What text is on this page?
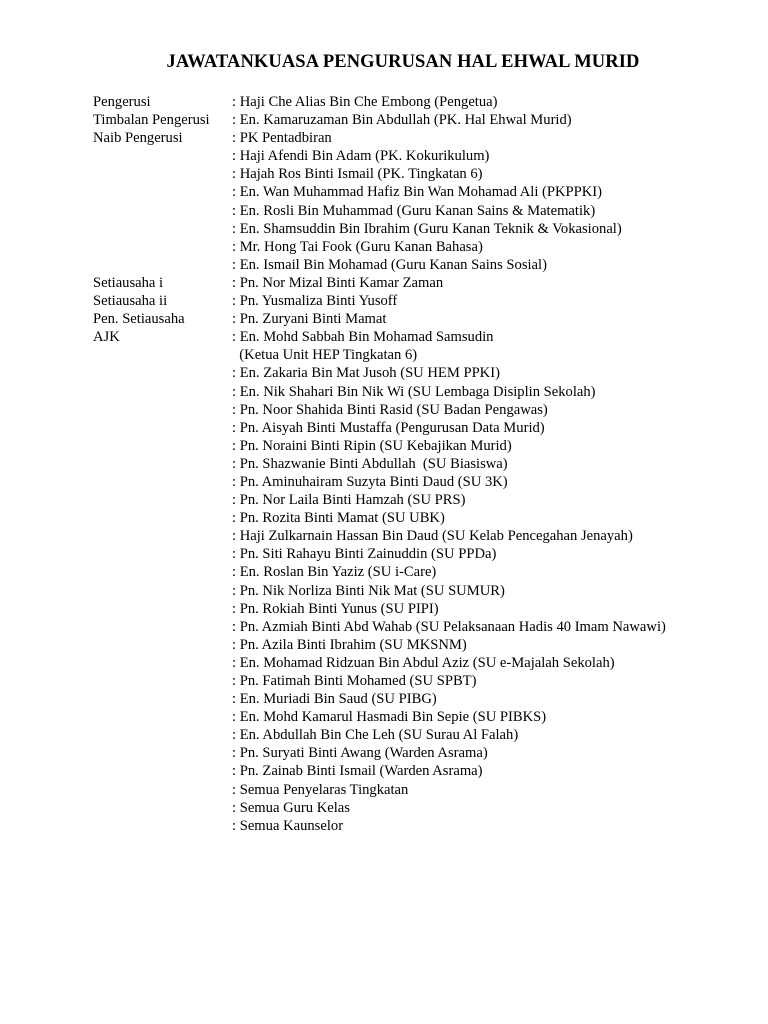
JAWATANKUASA PENGURUSAN HAL EHWAL MURID
Pengerusi	: Haji Che Alias Bin Che Embong (Pengetua)
Timbalan Pengerusi : En. Kamaruzaman Bin Abdullah (PK. Hal Ehwal Murid)
Naib Pengerusi	: PK Pentadbiran
: Haji Afendi Bin Adam (PK. Kokurikulum)
: Hajah Ros Binti Ismail (PK. Tingkatan 6)
: En. Wan Muhammad Hafiz Bin Wan Mohamad Ali (PKPPKI)
: En. Rosli Bin Muhammad (Guru Kanan Sains & Matematik)
: En. Shamsuddin Bin Ibrahim (Guru Kanan Teknik & Vokasional)
: Mr. Hong Tai Fook (Guru Kanan Bahasa)
: En. Ismail Bin Mohamad (Guru Kanan Sains Sosial)
Setiausaha i	: Pn. Nor Mizal Binti Kamar Zaman
Setiausaha ii	: Pn. Yusmaliza Binti Yusoff
Pen. Setiausaha	: Pn. Zuryani Binti Mamat
AJK	: En. Mohd Sabbah Bin Mohamad Samsudin
(Ketua Unit HEP Tingkatan 6)
: En. Zakaria Bin Mat Jusoh (SU HEM PPKI)
: En. Nik Shahari Bin Nik Wi (SU Lembaga Disiplin Sekolah)
: Pn. Noor Shahida Binti Rasid (SU Badan Pengawas)
: Pn. Aisyah Binti Mustaffa (Pengurusan Data Murid)
: Pn. Noraini Binti Ripin (SU Kebajikan Murid)
: Pn. Shazwanie Binti Abdullah  (SU Biasiswa)
: Pn. Aminuhairam Suzyta Binti Daud (SU 3K)
: Pn. Nor Laila Binti Hamzah (SU PRS)
: Pn. Rozita Binti Mamat (SU UBK)
: Haji Zulkarnain Hassan Bin Daud (SU Kelab Pencegahan Jenayah)
: Pn. Siti Rahayu Binti Zainuddin (SU PPDa)
: En. Roslan Bin Yaziz (SU i-Care)
: Pn. Nik Norliza Binti Nik Mat (SU SUMUR)
: Pn. Rokiah Binti Yunus (SU PIPI)
: Pn. Azmiah Binti Abd Wahab (SU Pelaksanaan Hadis 40 Imam Nawawi)
: Pn. Azila Binti Ibrahim (SU MKSNM)
: En. Mohamad Ridzuan Bin Abdul Aziz (SU e-Majalah Sekolah)
: Pn. Fatimah Binti Mohamed (SU SPBT)
: En. Muriadi Bin Saud (SU PIBG)
: En. Mohd Kamarul Hasmadi Bin Sepie (SU PIBKS)
: En. Abdullah Bin Che Leh (SU Surau Al Falah)
: Pn. Suryati Binti Awang (Warden Asrama)
: Pn. Zainab Binti Ismail (Warden Asrama)
: Semua Penyelaras Tingkatan
: Semua Guru Kelas
: Semua Kaunselor
